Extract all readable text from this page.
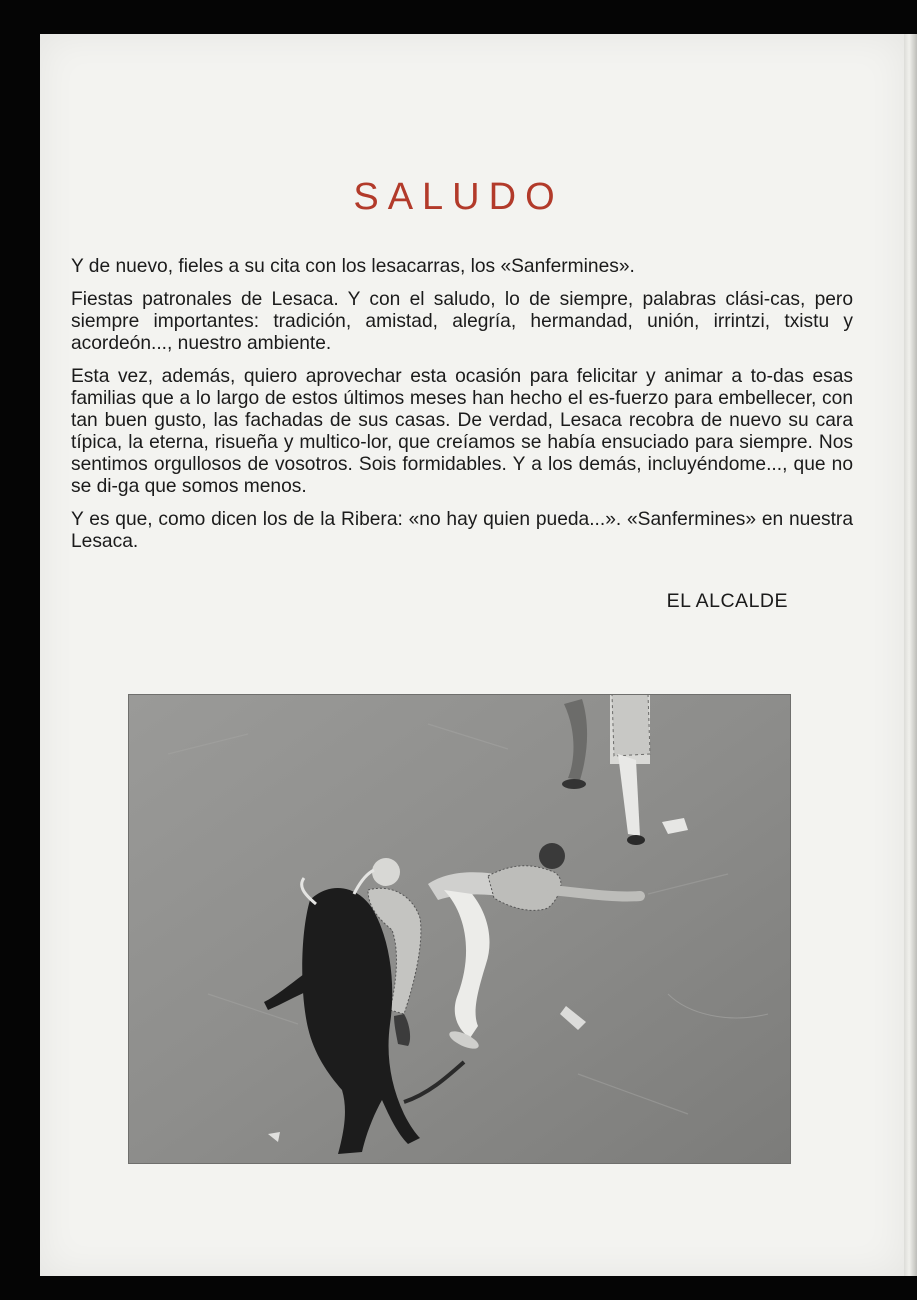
SALUDO

Y de nuevo, fieles a su cita con los lesacarras, los «Sanfermines».

Fiestas patronales de Lesaca. Y con el saludo, lo de siempre, palabras clási-cas, pero siempre importantes: tradición, amistad, alegría, hermandad, unión, irrintzi, txistu y acordeón..., nuestro ambiente.

Esta vez, además, quiero aprovechar esta ocasión para felicitar y animar a to-das esas familias que a lo largo de estos últimos meses han hecho el es-fuerzo para embellecer, con tan buen gusto, las fachadas de sus casas. De verdad, Lesaca recobra de nuevo su cara típica, la eterna, risueña y multico-lor, que creíamos se había ensuciado para siempre. Nos sentimos orgullosos de vosotros. Sois formidables. Y a los demás, incluyéndome..., que no se di-ga que somos menos.

Y es que, como dicen los de la Ribera: «no hay quien pueda...». «Sanfermines» en nuestra Lesaca.

EL ALCALDE
